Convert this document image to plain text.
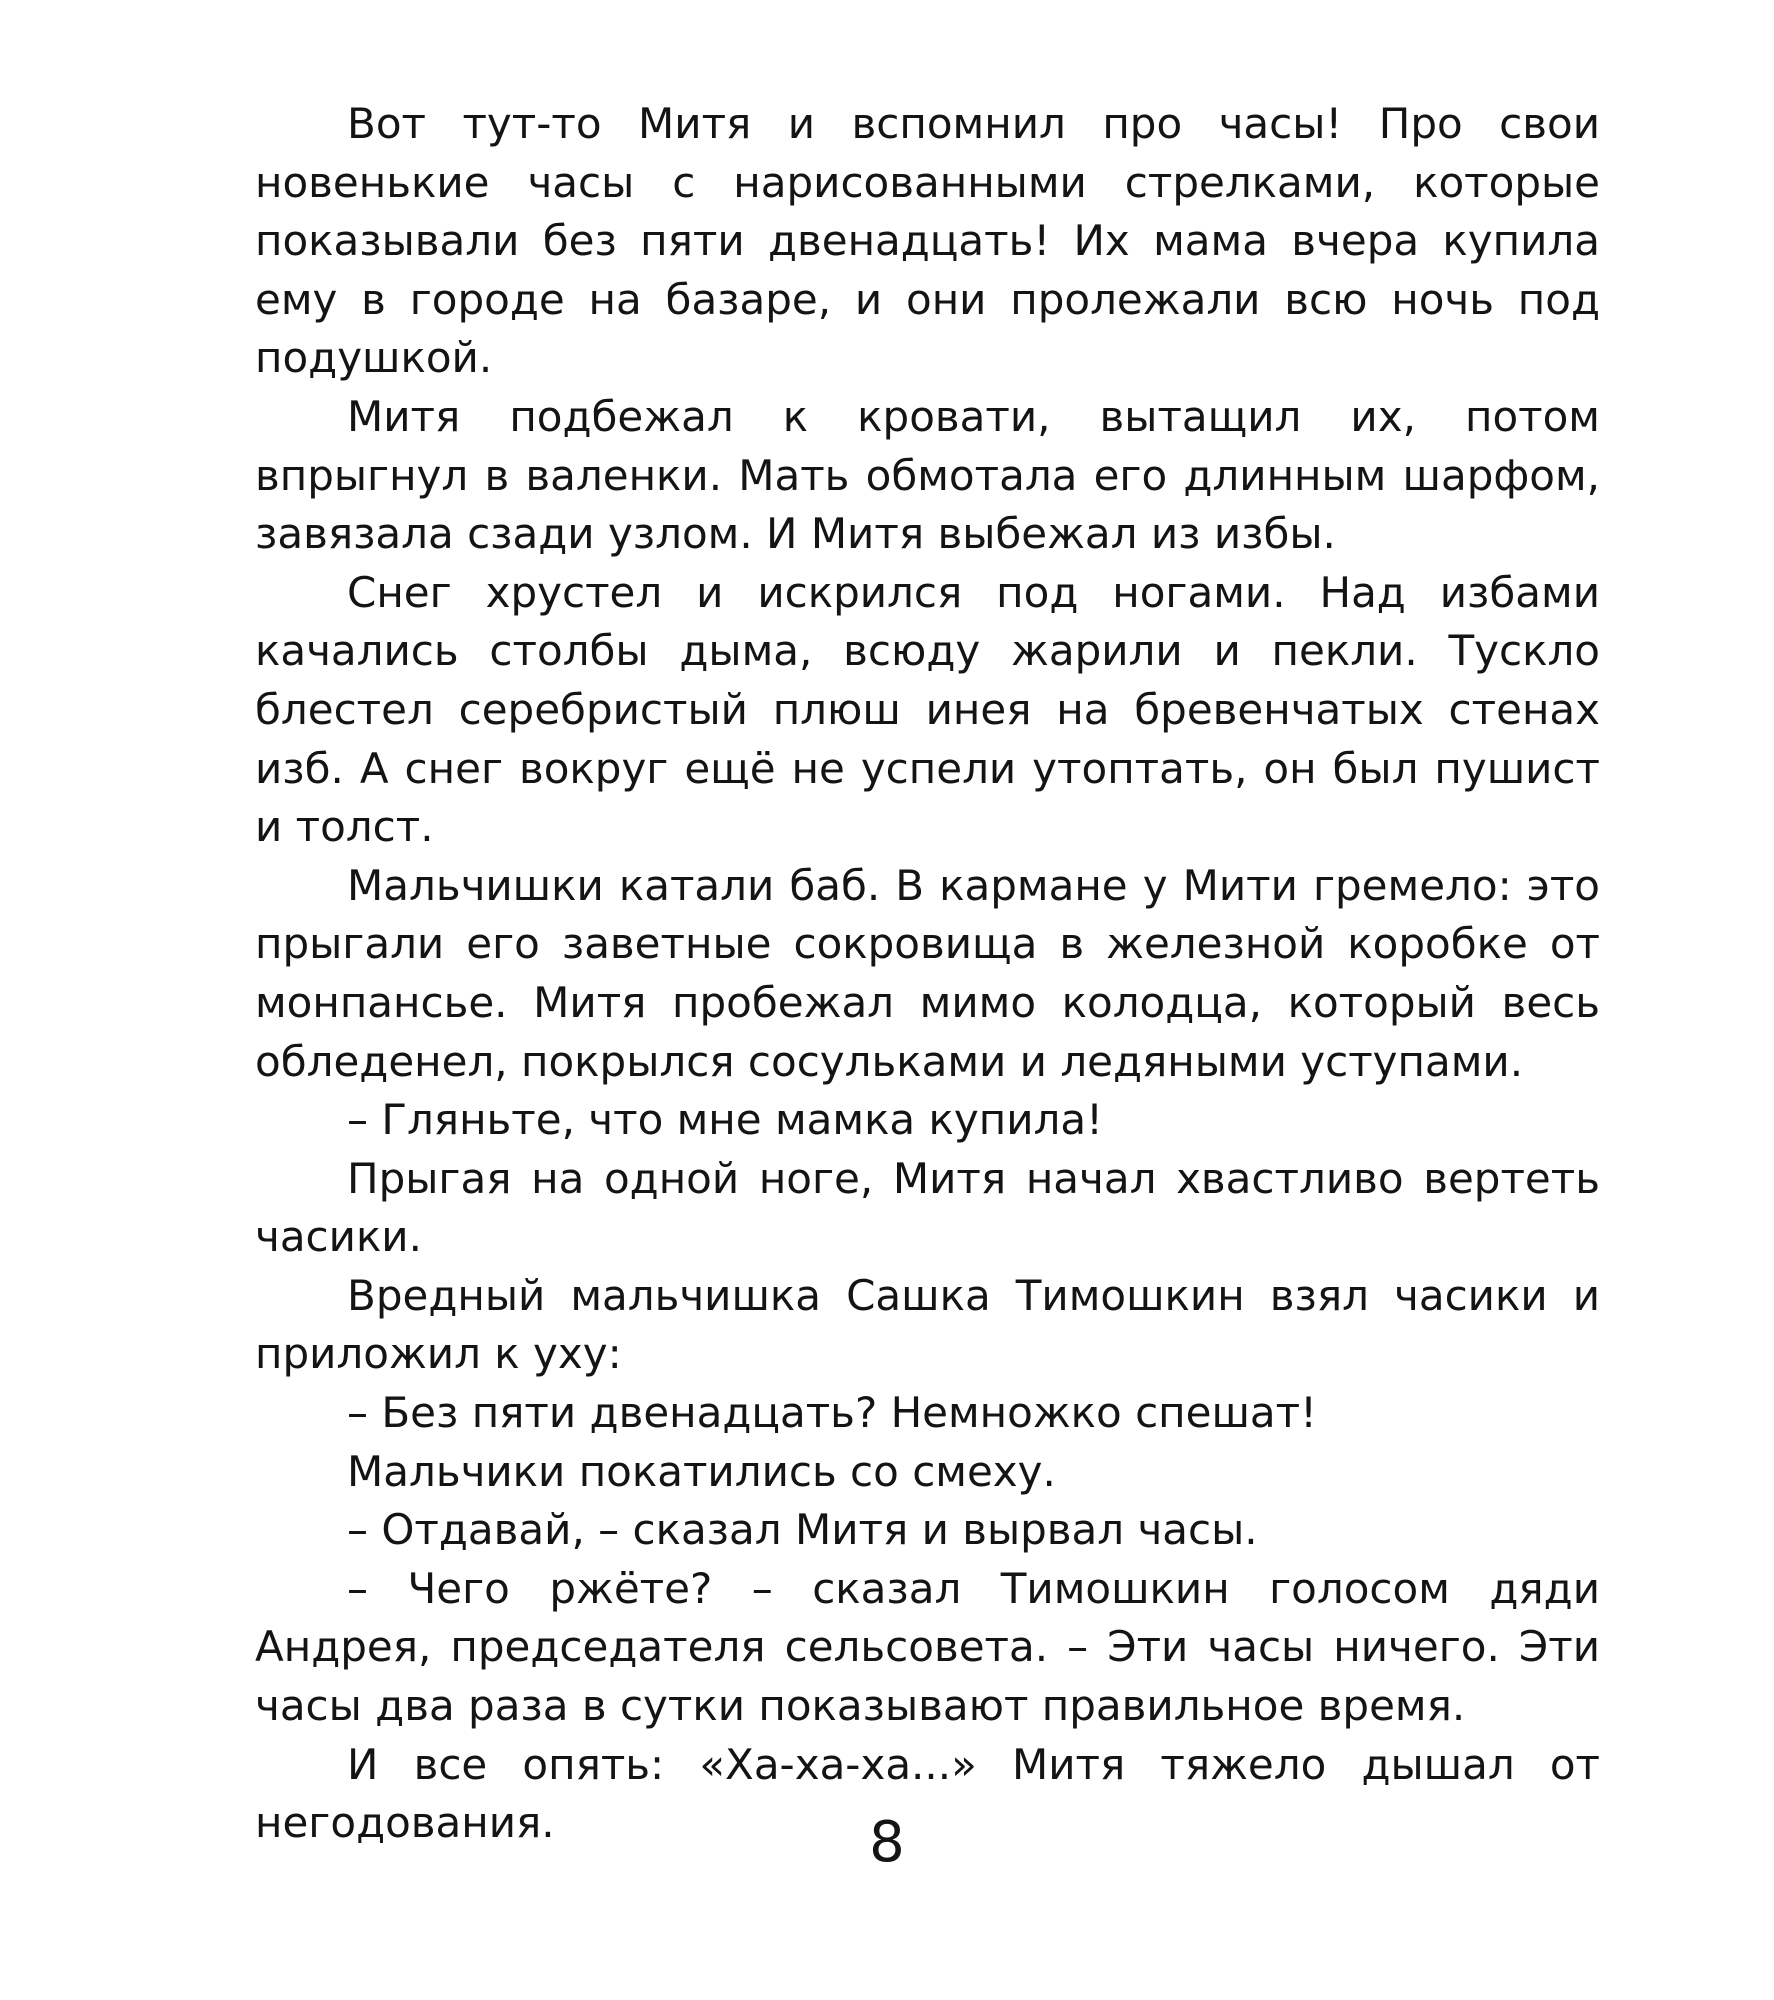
Вот тут-то Митя и вспомнил про часы! Про свои новенькие часы с нарисованными стрелками, которые показывали без пяти двенадцать! Их мама вчера купила ему в городе на базаре, и они пролежали всю ночь под подушкой.

Митя подбежал к кровати, вытащил их, потом впрыгнул в валенки. Мать обмотала его длинным шарфом, завязала сзади узлом. И Митя выбежал из избы.

Снег хрустел и искрился под ногами. Над избами качались столбы дыма, всюду жарили и пекли. Тускло блестел серебристый плюш инея на бревенчатых стенах изб. А снег вокруг ещё не успели утоптать, он был пушист и толст.

Мальчишки катали баб. В кармане у Мити гремело: это прыгали его заветные сокровища в железной коробке от монпансье. Митя пробежал мимо колодца, который весь обледенел, покрылся сосульками и ледяными уступами.

– Гляньте, что мне мамка купила!

Прыгая на одной ноге, Митя начал хвастливо вертеть часики.

Вредный мальчишка Сашка Тимошкин взял часики и приложил к уху:

– Без пяти двенадцать? Немножко спешат!

Мальчики покатились со смеху.

– Отдавай, – сказал Митя и вырвал часы.

– Чего ржёте? – сказал Тимошкин голосом дяди Андрея, председателя сельсовета. – Эти часы ничего. Эти часы два раза в сутки показывают правильное время.

И все опять: «Ха-ха-ха...» Митя тяжело дышал от негодования.	8
